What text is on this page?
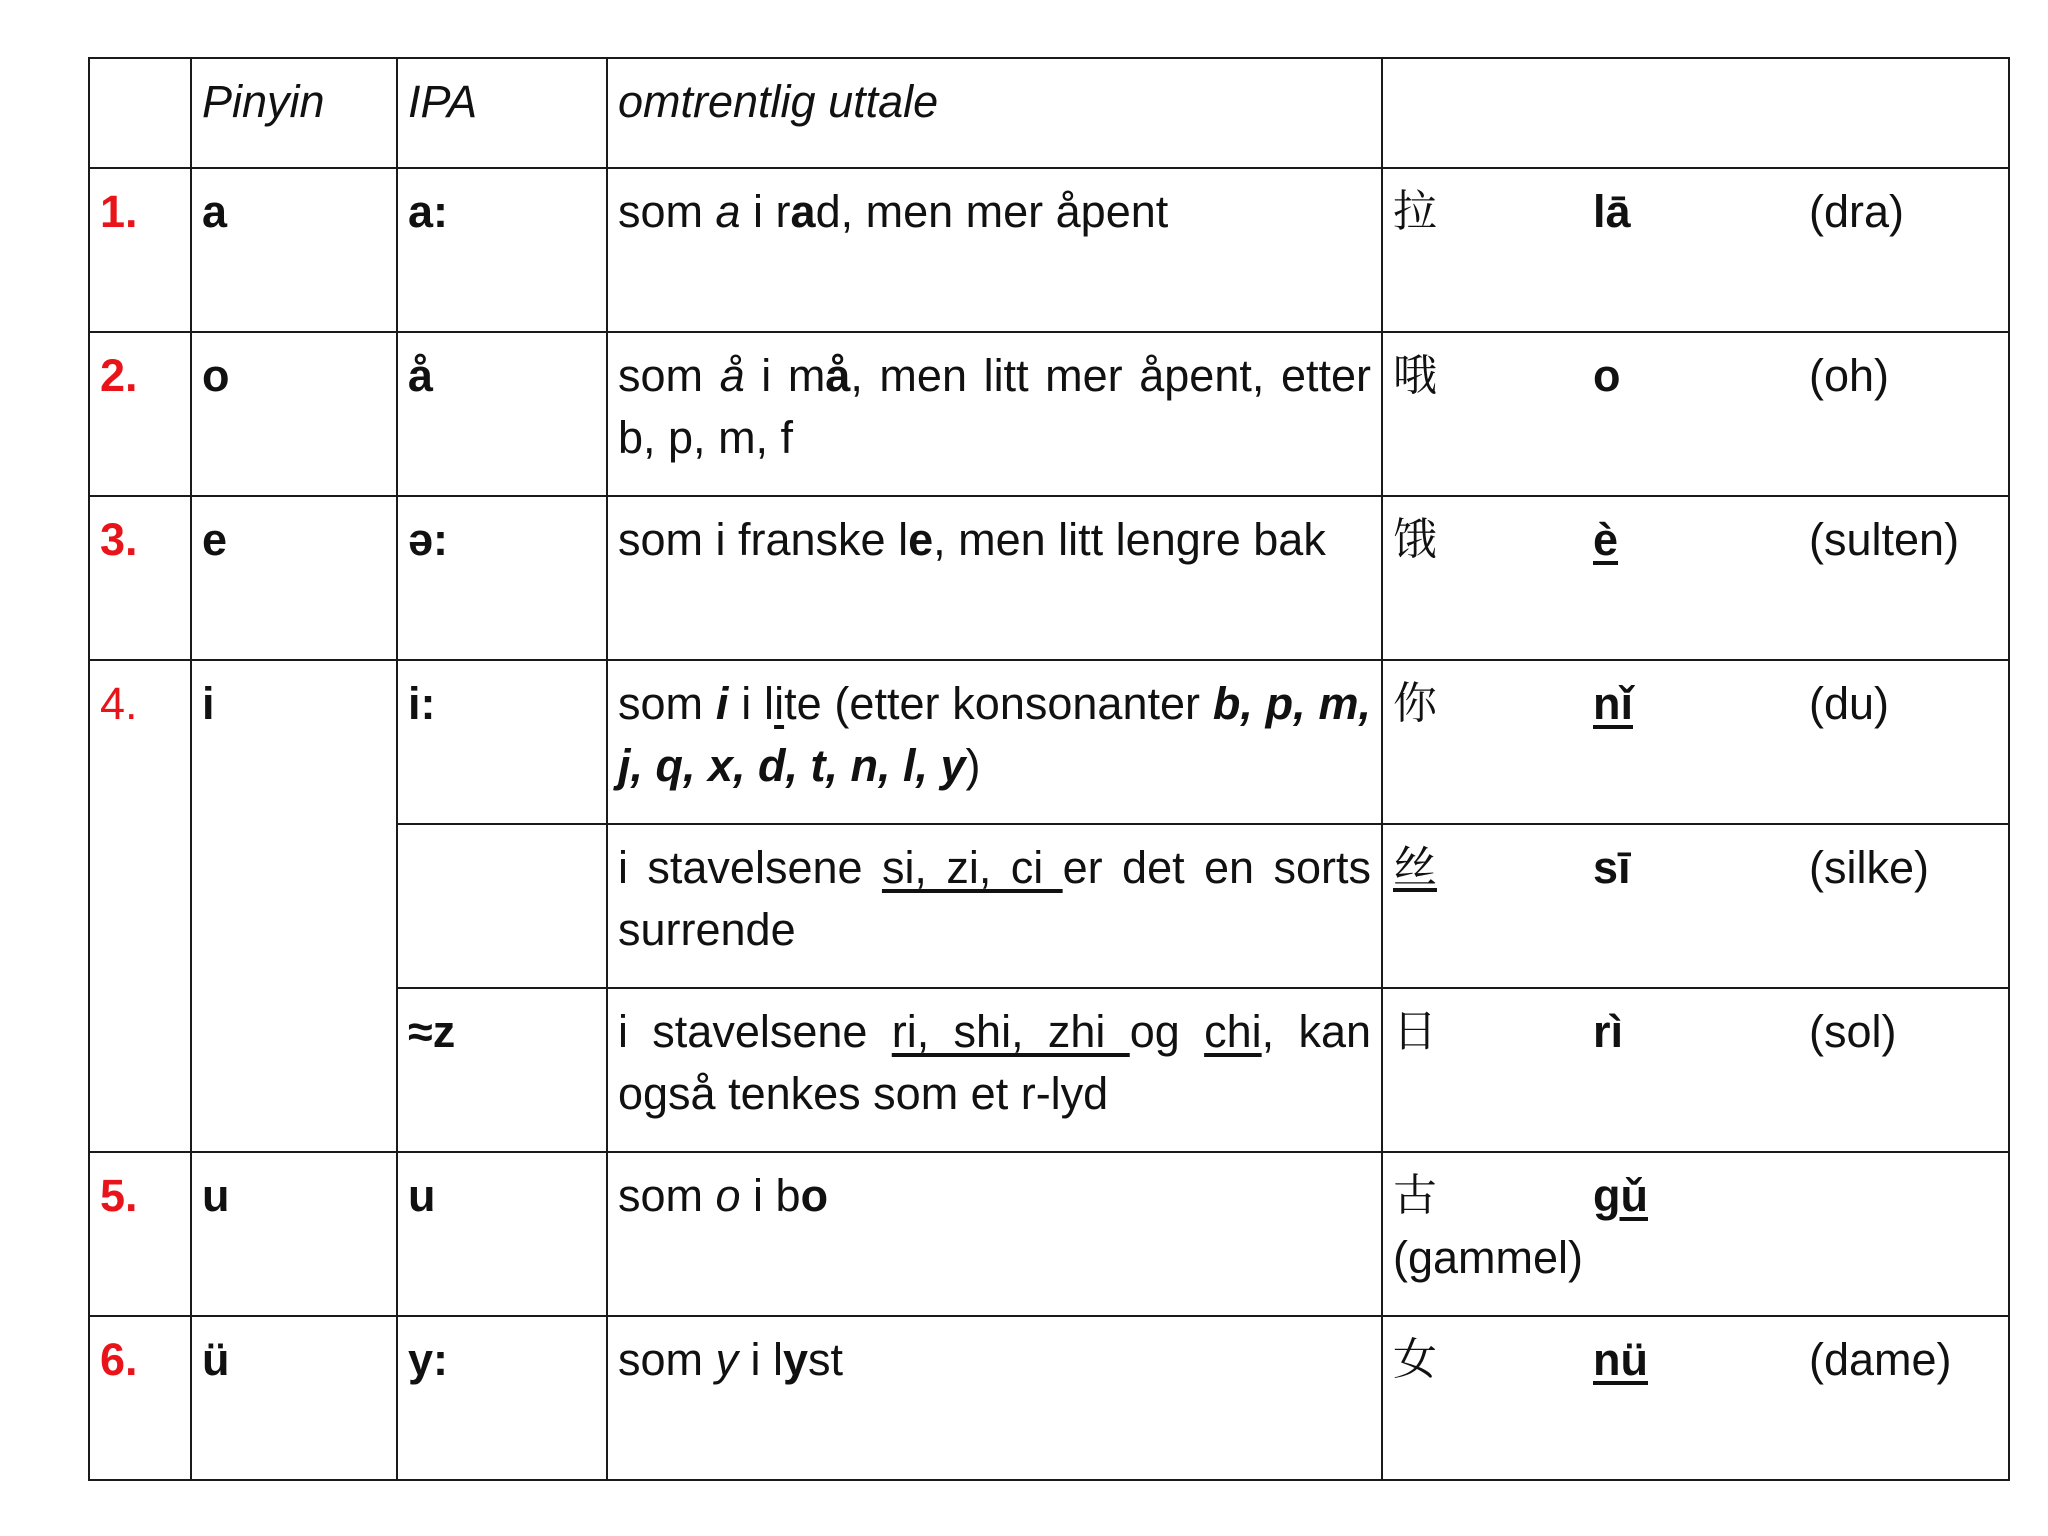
	Pinyin	IPA	omtrentlig uttale	
1.	a	a:	som a i rad, men mer åpent	拉 lā (dra)

2.	o	å	som å i må, men litt mer åpent, etter b, p, m, f	哦 o (oh)

3.	e	ə:	som i franske le, men litt lengre bak	饿 è (sulten)

4.	i	i:	som i i lite (etter konsonanter b, p, m, j, q, x, d, t, n, l, y)	你 nǐ (du)

			i stavelsene si, zi, ci er det en sorts surrende	丝 sī (silke)

		≈z	i stavelsene ri, shi, zhi og chi, kan også tenkes som et r-lyd	日 rì (sol)

5.	u	u	som o i bo	古 gǔ
(gammel)

6.	ü	y:	som y i lyst	女 nü (dame)
